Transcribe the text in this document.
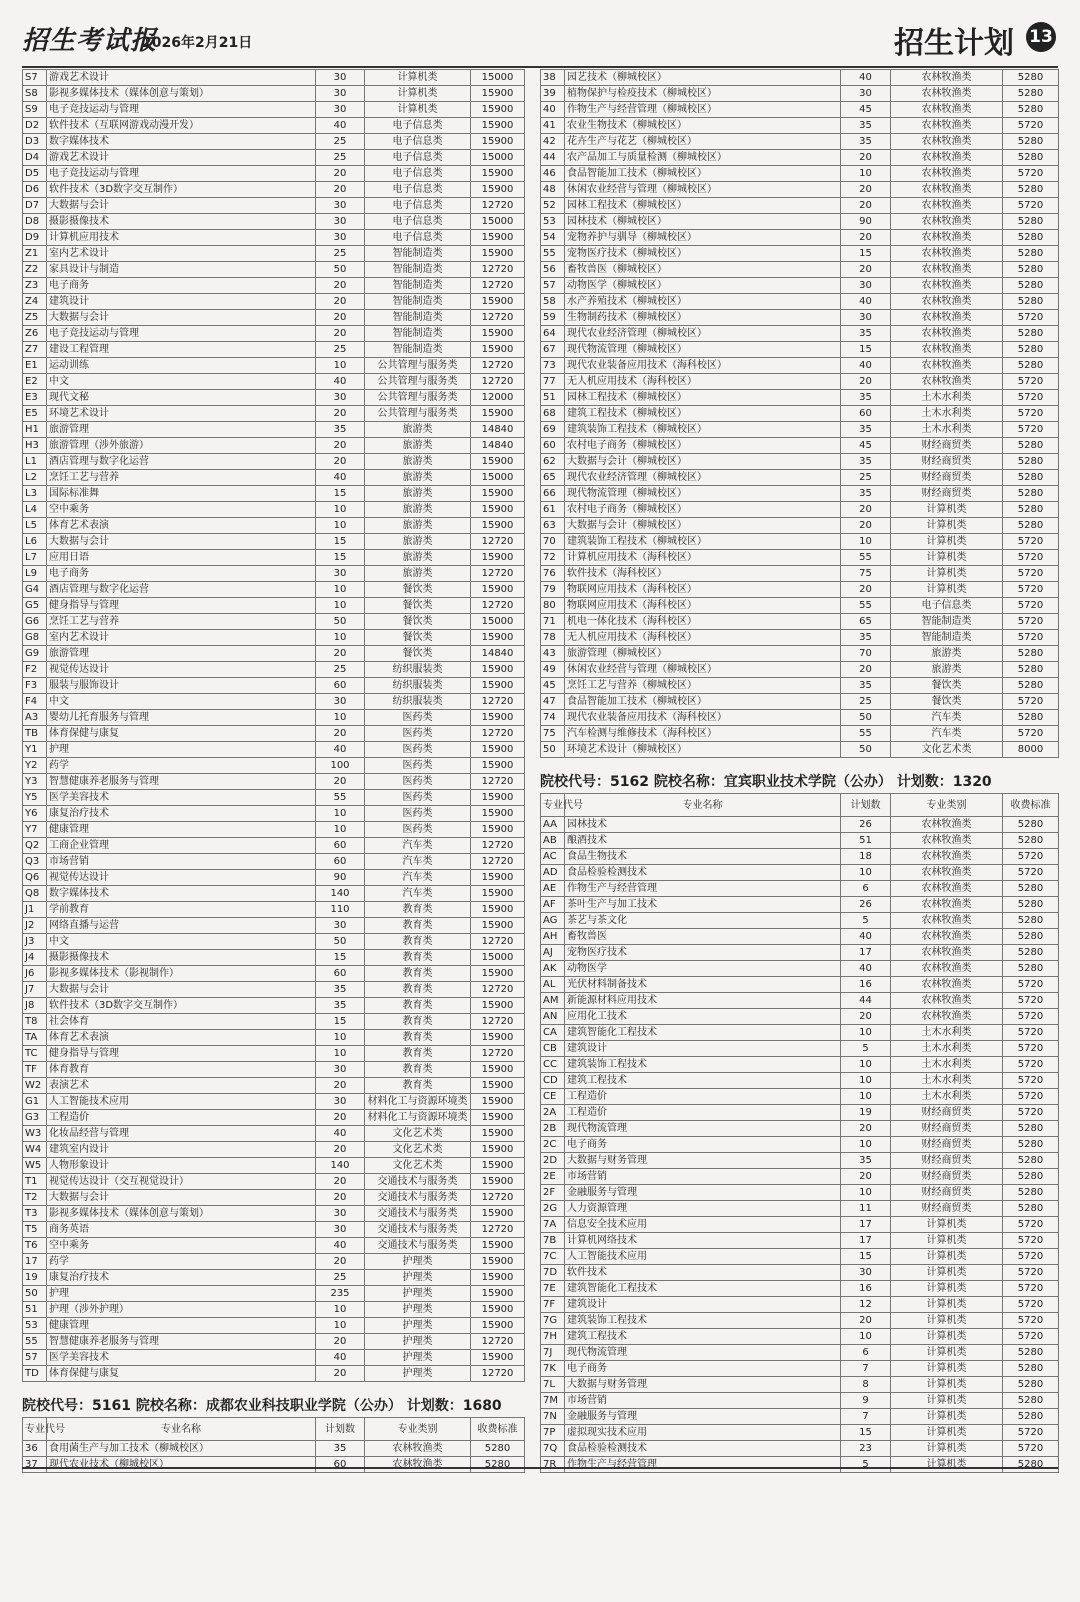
招生考试报
2026年2月21日	招生计划 13
S7	游戏艺术设计	30	计算机类	15000
S8	影视多媒体技术（媒体创意与策划）	30	计算机类	15900
S9	电子竞技运动与管理	30	计算机类	15900
D2	软件技术（互联网游戏动漫开发）	40	电子信息类	15900
D3	数字媒体技术	25	电子信息类	15900
D4	游戏艺术设计	25	电子信息类	15000
D5	电子竞技运动与管理	20	电子信息类	15900
D6	软件技术（3D数字交互制作）	20	电子信息类	15900
D7	大数据与会计	30	电子信息类	12720
D8	摄影摄像技术	30	电子信息类	15000
D9	计算机应用技术	30	电子信息类	15900
Z1	室内艺术设计	25	智能制造类	15900
Z2	家具设计与制造	50	智能制造类	12720
Z3	电子商务	20	智能制造类	12720
Z4	建筑设计	20	智能制造类	15900
Z5	大数据与会计	20	智能制造类	12720
Z6	电子竞技运动与管理	20	智能制造类	15900
Z7	建设工程管理	25	智能制造类	15900
E1	运动训练	10	公共管理与服务类	12720
E2	中文	40	公共管理与服务类	12720
E3	现代文秘	30	公共管理与服务类	12000
E5	环境艺术设计	20	公共管理与服务类	15900
H1	旅游管理	35	旅游类	14840
H3	旅游管理（涉外旅游）	20	旅游类	14840
L1	酒店管理与数字化运营	20	旅游类	15900
L2	烹饪工艺与营养	40	旅游类	15000
L3	国际标准舞	15	旅游类	15900
L4	空中乘务	10	旅游类	15900
L5	体育艺术表演	10	旅游类	15900
L6	大数据与会计	15	旅游类	12720
L7	应用日语	15	旅游类	15900
L9	电子商务	30	旅游类	12720
G4	酒店管理与数字化运营	10	餐饮类	15900
G5	健身指导与管理	10	餐饮类	12720
G6	烹饪工艺与营养	50	餐饮类	15000
G8	室内艺术设计	10	餐饮类	15900
G9	旅游管理	20	餐饮类	14840
F2	视觉传达设计	25	纺织服装类	15900
F3	服装与服饰设计	60	纺织服装类	15900
F4	中文	30	纺织服装类	12720
A3	婴幼儿托育服务与管理	10	医药类	15900
TB	体育保健与康复	20	医药类	12720
Y1	护理	40	医药类	15900
Y2	药学	100	医药类	15900
Y3	智慧健康养老服务与管理	20	医药类	12720
Y5	医学美容技术	55	医药类	15900
Y6	康复治疗技术	10	医药类	15900
Y7	健康管理	10	医药类	15900
Q2	工商企业管理	60	汽车类	12720
Q3	市场营销	60	汽车类	12720
Q6	视觉传达设计	90	汽车类	15900
Q8	数字媒体技术	140	汽车类	15900
J1	学前教育	110	教育类	15900
J2	网络直播与运营	30	教育类	15900
J3	中文	50	教育类	12720
J4	摄影摄像技术	15	教育类	15000
J6	影视多媒体技术（影视制作）	60	教育类	15900
J7	大数据与会计	35	教育类	12720
J8	软件技术（3D数字交互制作）	35	教育类	15900
T8	社会体育	15	教育类	12720
TA	体育艺术表演	10	教育类	15900
TC	健身指导与管理	10	教育类	12720
TF	体育教育	30	教育类	15900
W2	表演艺术	20	教育类	15900
G1	人工智能技术应用	30	材料化工与资源环境类	15900
G3	工程造价	20	材料化工与资源环境类	15900
W3	化妆品经营与管理	40	文化艺术类	15900
W4	建筑室内设计	20	文化艺术类	15900
W5	人物形象设计	140	文化艺术类	15900
T1	视觉传达设计（交互视觉设计）	20	交通技术与服务类	15900
T2	大数据与会计	20	交通技术与服务类	12720
T3	影视多媒体技术（媒体创意与策划）	30	交通技术与服务类	15900
T5	商务英语	30	交通技术与服务类	12720
T6	空中乘务	40	交通技术与服务类	15900
17	药学	20	护理类	15900
19	康复治疗技术	25	护理类	15900
50	护理	235	护理类	15900
51	护理（涉外护理）	10	护理类	15900
53	健康管理	10	护理类	15900
55	智慧健康养老服务与管理	20	护理类	12720
57	医学美容技术	40	护理类	15900
TD	体育保健与康复	20	护理类	12720
院校代号：5161 院校名称：成都农业科技职业学院（公办） 计划数：1680
专业代号	专业名称	计划数	专业类别	收费标准
36	食用菌生产与加工技术（柳城校区）	35	农林牧渔类	5280
37	现代农业技术（柳城校区）	60	农林牧渔类	5280
38	园艺技术（柳城校区）	40	农林牧渔类	5280
39	植物保护与检疫技术（柳城校区）	30	农林牧渔类	5280
40	作物生产与经营管理（柳城校区）	45	农林牧渔类	5280
41	农业生物技术（柳城校区）	35	农林牧渔类	5720
42	花卉生产与花艺（柳城校区）	35	农林牧渔类	5280
44	农产品加工与质量检测（柳城校区）	20	农林牧渔类	5280
46	食品智能加工技术（柳城校区）	10	农林牧渔类	5720
48	休闲农业经营与管理（柳城校区）	20	农林牧渔类	5280
52	园林工程技术（柳城校区）	20	农林牧渔类	5720
53	园林技术（柳城校区）	90	农林牧渔类	5280
54	宠物养护与驯导（柳城校区）	20	农林牧渔类	5280
55	宠物医疗技术（柳城校区）	15	农林牧渔类	5280
56	畜牧兽医（柳城校区）	20	农林牧渔类	5280
57	动物医学（柳城校区）	30	农林牧渔类	5280
58	水产养殖技术（柳城校区）	40	农林牧渔类	5280
59	生物制药技术（柳城校区）	30	农林牧渔类	5720
64	现代农业经济管理（柳城校区）	35	农林牧渔类	5280
67	现代物流管理（柳城校区）	15	农林牧渔类	5280
73	现代农业装备应用技术（海科校区）	40	农林牧渔类	5280
77	无人机应用技术（海科校区）	20	农林牧渔类	5720
51	园林工程技术（柳城校区）	35	土木水利类	5720
68	建筑工程技术（柳城校区）	60	土木水利类	5720
69	建筑装饰工程技术（柳城校区）	35	土木水利类	5720
60	农村电子商务（柳城校区）	45	财经商贸类	5280
62	大数据与会计（柳城校区）	35	财经商贸类	5280
65	现代农业经济管理（柳城校区）	25	财经商贸类	5280
66	现代物流管理（柳城校区）	35	财经商贸类	5280
61	农村电子商务（柳城校区）	20	计算机类	5280
63	大数据与会计（柳城校区）	20	计算机类	5280
70	建筑装饰工程技术（柳城校区）	10	计算机类	5720
72	计算机应用技术（海科校区）	55	计算机类	5720
76	软件技术（海科校区）	75	计算机类	5720
79	物联网应用技术（海科校区）	20	计算机类	5720
80	物联网应用技术（海科校区）	55	电子信息类	5720
71	机电一体化技术（海科校区）	65	智能制造类	5720
78	无人机应用技术（海科校区）	35	智能制造类	5720
43	旅游管理（柳城校区）	70	旅游类	5280
49	休闲农业经营与管理（柳城校区）	20	旅游类	5280
45	烹饪工艺与营养（柳城校区）	35	餐饮类	5280
47	食品智能加工技术（柳城校区）	25	餐饮类	5720
74	现代农业装备应用技术（海科校区）	50	汽车类	5280
75	汽车检测与维修技术（海科校区）	55	汽车类	5720
50	环境艺术设计（柳城校区）	50	文化艺术类	8000
院校代号：5162 院校名称：宜宾职业技术学院（公办） 计划数：1320
专业代号	专业名称	计划数	专业类别	收费标准
AA	园林技术	26	农林牧渔类	5280
AB	酿酒技术	51	农林牧渔类	5280
AC	食品生物技术	18	农林牧渔类	5720
AD	食品检验检测技术	10	农林牧渔类	5720
AE	作物生产与经营管理	6	农林牧渔类	5280
AF	茶叶生产与加工技术	26	农林牧渔类	5280
AG	茶艺与茶文化	5	农林牧渔类	5280
AH	畜牧兽医	40	农林牧渔类	5280
AJ	宠物医疗技术	17	农林牧渔类	5280
AK	动物医学	40	农林牧渔类	5280
AL	光伏材料制备技术	16	农林牧渔类	5720
AM	新能源材料应用技术	44	农林牧渔类	5720
AN	应用化工技术	20	农林牧渔类	5720
CA	建筑智能化工程技术	10	土木水利类	5720
CB	建筑设计	5	土木水利类	5720
CC	建筑装饰工程技术	10	土木水利类	5720
CD	建筑工程技术	10	土木水利类	5720
CE	工程造价	10	土木水利类	5720
2A	工程造价	19	财经商贸类	5720
2B	现代物流管理	20	财经商贸类	5280
2C	电子商务	10	财经商贸类	5280
2D	大数据与财务管理	35	财经商贸类	5280
2E	市场营销	20	财经商贸类	5280
2F	金融服务与管理	10	财经商贸类	5280
2G	人力资源管理	11	财经商贸类	5280
7A	信息安全技术应用	17	计算机类	5720
7B	计算机网络技术	17	计算机类	5720
7C	人工智能技术应用	15	计算机类	5720
7D	软件技术	30	计算机类	5720
7E	建筑智能化工程技术	16	计算机类	5720
7F	建筑设计	12	计算机类	5720
7G	建筑装饰工程技术	20	计算机类	5720
7H	建筑工程技术	10	计算机类	5720
7J	现代物流管理	6	计算机类	5280
7K	电子商务	7	计算机类	5280
7L	大数据与财务管理	8	计算机类	5280
7M	市场营销	9	计算机类	5280
7N	金融服务与管理	7	计算机类	5280
7P	虚拟现实技术应用	15	计算机类	5720
7Q	食品检验检测技术	23	计算机类	5720
7R	作物生产与经营管理	5	计算机类	5280
